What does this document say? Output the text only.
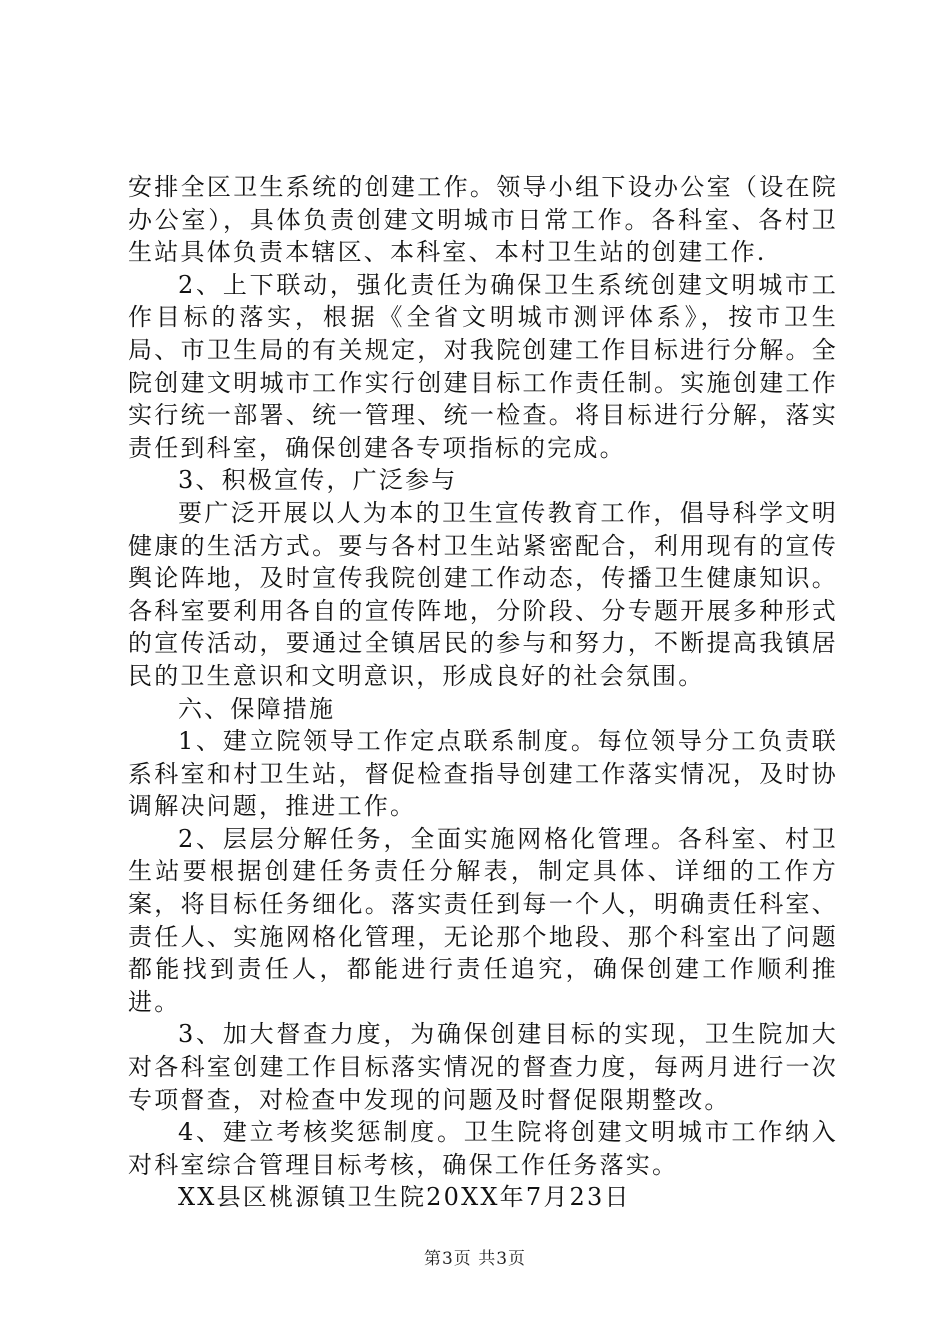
安排全区卫生系统的创建工作。领导小组下设办公室（设在院办公室），具体负责创建文明城市日常工作。各科室、各村卫生站具体负责本辖区、本科室、本村卫生站的创建工作.

2、上下联动，强化责任为确保卫生系统创建文明城市工作目标的落实，根据《全省文明城市测评体系》，按市卫生局、市卫生局的有关规定，对我院创建工作目标进行分解。全院创建文明城市工作实行创建目标工作责任制。实施创建工作实行统一部署、统一管理、统一检查。将目标进行分解，落实责任到科室，确保创建各专项指标的完成。

3、积极宣传，广泛参与

要广泛开展以人为本的卫生宣传教育工作，倡导科学文明健康的生活方式。要与各村卫生站紧密配合，利用现有的宣传舆论阵地，及时宣传我院创建工作动态，传播卫生健康知识。各科室要利用各自的宣传阵地，分阶段、分专题开展多种形式的宣传活动，要通过全镇居民的参与和努力，不断提高我镇居民的卫生意识和文明意识，形成良好的社会氛围。

六、保障措施

1、建立院领导工作定点联系制度。每位领导分工负责联系科室和村卫生站，督促检查指导创建工作落实情况，及时协调解决问题，推进工作。

2、层层分解任务，全面实施网格化管理。各科室、村卫生站要根据创建任务责任分解表，制定具体、详细的工作方案，将目标任务细化。落实责任到每一个人，明确责任科室、责任人、实施网格化管理，无论那个地段、那个科室出了问题都能找到责任人，都能进行责任追究，确保创建工作顺利推进。

3、加大督查力度，为确保创建目标的实现，卫生院加大对各科室创建工作目标落实情况的督查力度，每两月进行一次专项督查，对检查中发现的问题及时督促限期整改。

4、建立考核奖惩制度。卫生院将创建文明城市工作纳入对科室综合管理目标考核，确保工作任务落实。

XX县区桃源镇卫生院20XX年7月23日

第3页 共3页
